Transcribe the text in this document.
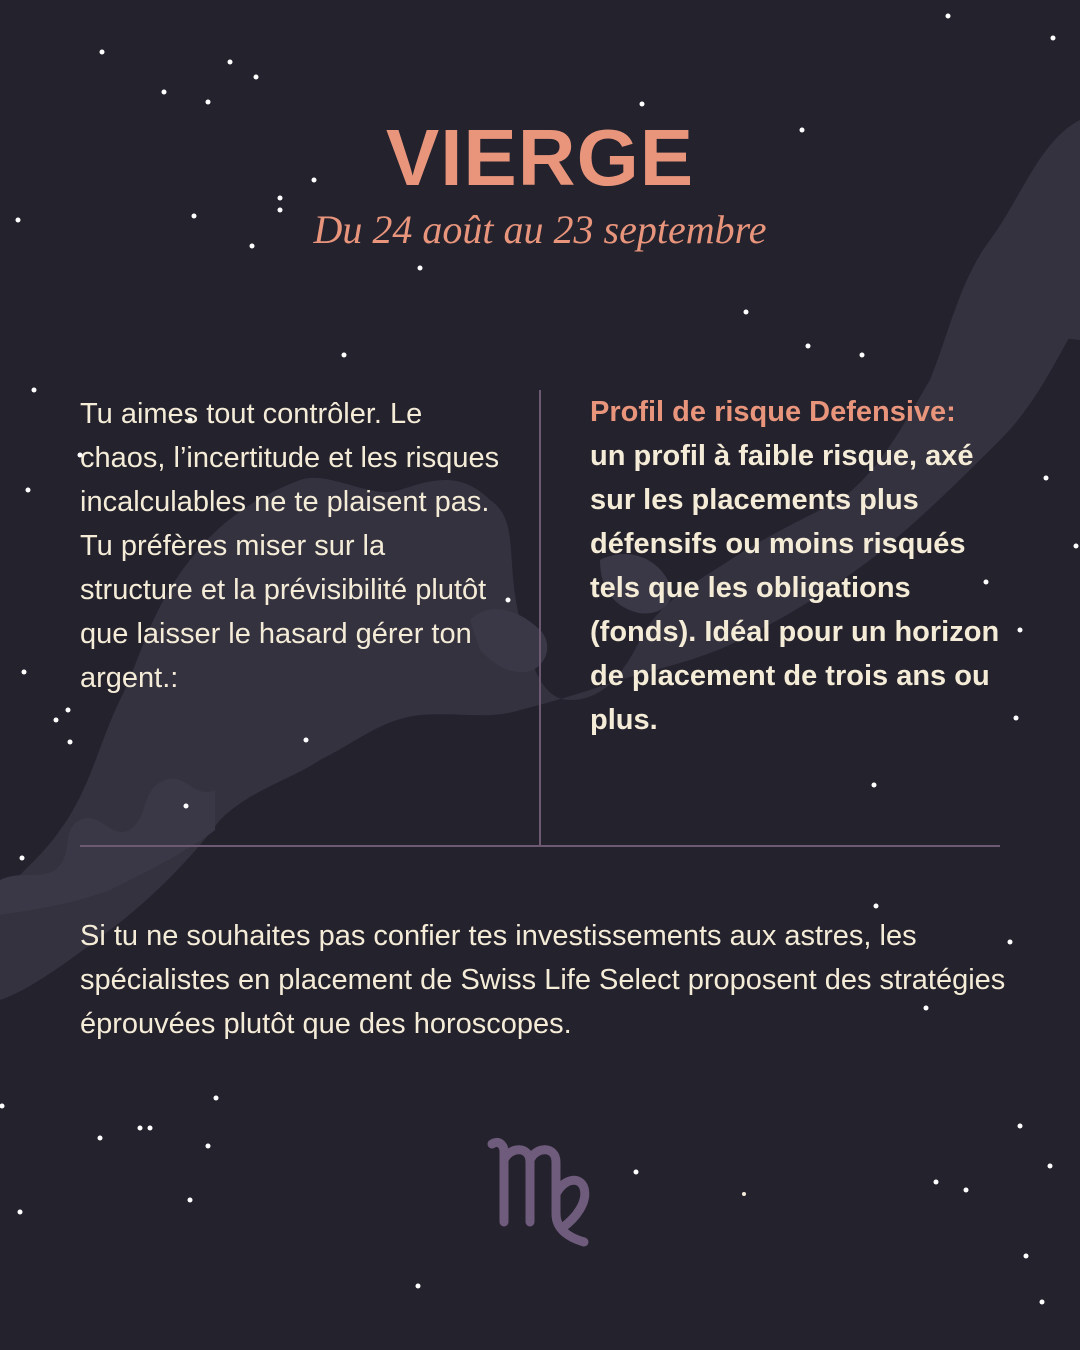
VIERGE
Du 24 août au 23 septembre
Tu aimes tout contrôler. Le chaos, l’incertitude et les risques incalculables ne te plaisent pas. Tu préfères miser sur la structure et la prévisibilité plutôt que laisser le hasard gérer ton argent.:
Profil de risque Defensive:
un profil à faible risque, axé sur les placements plus défensifs ou moins risqués tels que les obligations (fonds). Idéal pour un horizon de placement de trois ans ou plus.
Si tu ne souhaites pas confier tes investissements aux astres, les spécialistes en placement de Swiss Life Select proposent des stratégies éprouvées plutôt que des horoscopes.
